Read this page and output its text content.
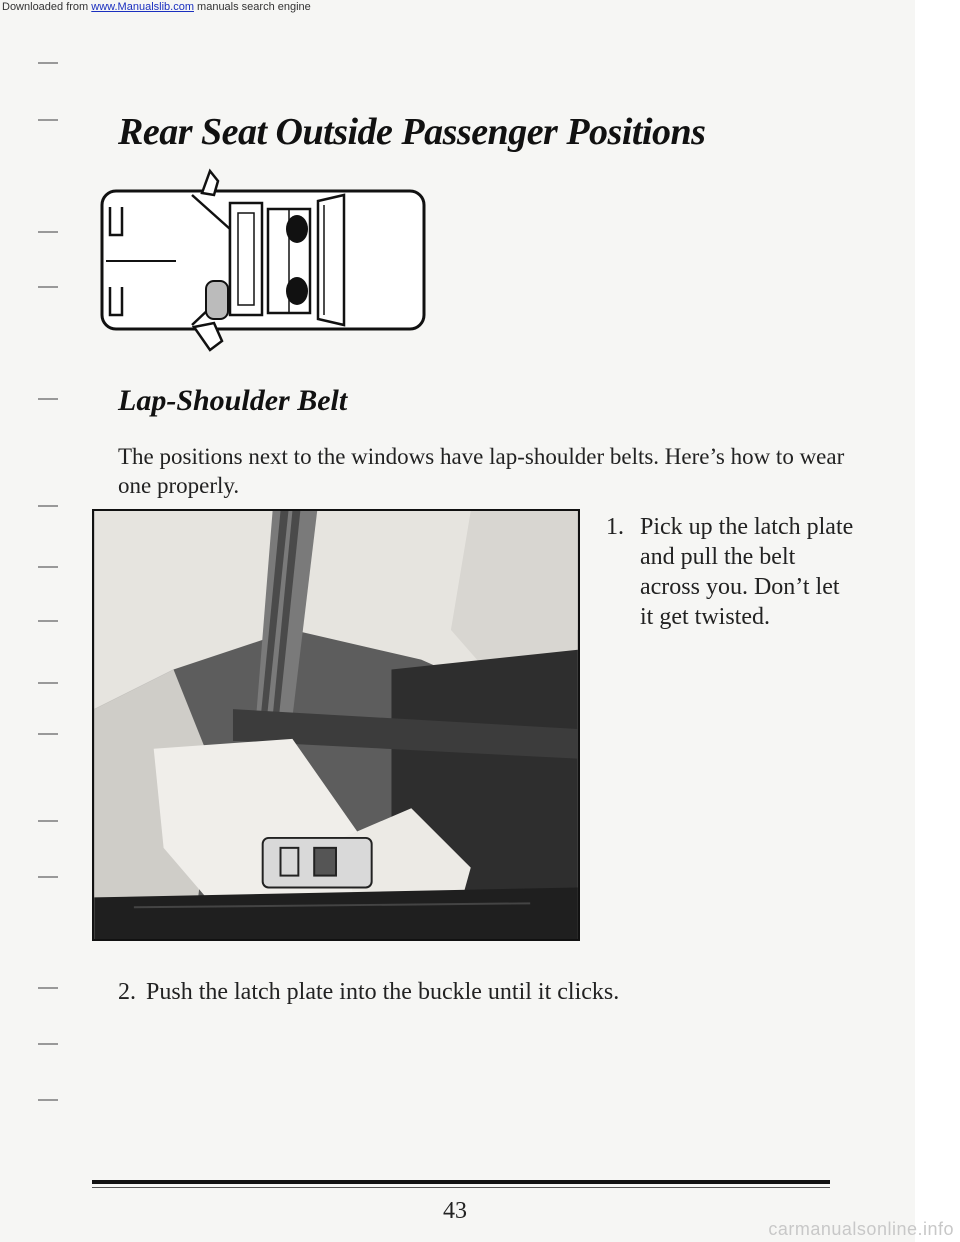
Rear Seat Outside Passenger Positions
Lap-Shoulder Belt

The positions next to the windows have lap-shoulder belts. Here’s how to wear one properly.

1. Pick up the latch plate and pull the belt across you. Don’t let it get twisted.
2. Push the latch plate into the buckle until it clicks.
43
Downloaded from www.Manualslib.com manuals search engine
carmanualsonline.info
